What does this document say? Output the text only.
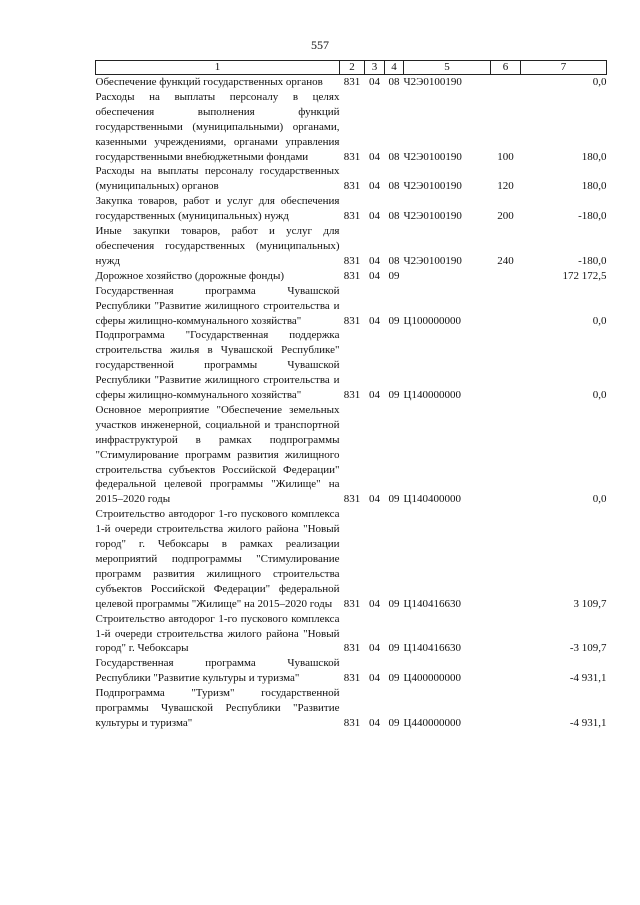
557
1	2	3	4	5	6	7
Обеспечение функций государственных органов	831	04	08	Ч2Э0100190		0,0
Расходы на выплаты персоналу в целях обеспечения выполнения функций государственными (муниципальными) органами, казенными учреждениями, органами управления государственными внебюджетными фондами	831	04	08	Ч2Э0100190	100	180,0
Расходы на выплаты персоналу государственных (муниципальных) органов	831	04	08	Ч2Э0100190	120	180,0
Закупка товаров, работ и услуг для обеспечения государственных (муниципальных) нужд	831	04	08	Ч2Э0100190	200	-180,0
Иные закупки товаров, работ и услуг для обеспечения государственных (муниципальных) нужд	831	04	08	Ч2Э0100190	240	-180,0
Дорожное хозяйство (дорожные фонды)	831	04	09			172 172,5
Государственная программа Чувашской Республики "Развитие жилищного строительства и сферы жилищно-коммунального хозяйства"	831	04	09	Ц100000000		0,0
Подпрограмма "Государственная поддержка строительства жилья в Чувашской Республике" государственной программы Чувашской Республики "Развитие жилищного строительства и сферы жилищно-коммунального хозяйства"	831	04	09	Ц140000000		0,0
Основное мероприятие "Обеспечение земельных участков инженерной, социальной и транспортной инфраструктурой в рамках подпрограммы "Стимулирование программ развития жилищного строительства субъектов Российской Федерации" федеральной целевой программы "Жилище" на 2015–2020 годы	831	04	09	Ц140400000		0,0
Строительство автодорог 1-го пускового комплекса 1-й очереди строительства жилого района "Новый город" г. Чебоксары в рамках реализации мероприятий подпрограммы "Стимулирование программ развития жилищного строительства субъектов Российской Федерации" федеральной целевой программы "Жилище" на 2015–2020 годы	831	04	09	Ц140416630		3 109,7
Строительство автодорог 1-го пускового комплекса 1-й очереди строительства жилого района "Новый город" г. Чебоксары	831	04	09	Ц140416630		-3 109,7
Государственная программа Чувашской Республики "Развитие культуры и туризма"	831	04	09	Ц400000000		-4 931,1
Подпрограмма "Туризм" государственной программы Чувашской Республики "Развитие культуры и туризма"	831	04	09	Ц440000000		-4 931,1
